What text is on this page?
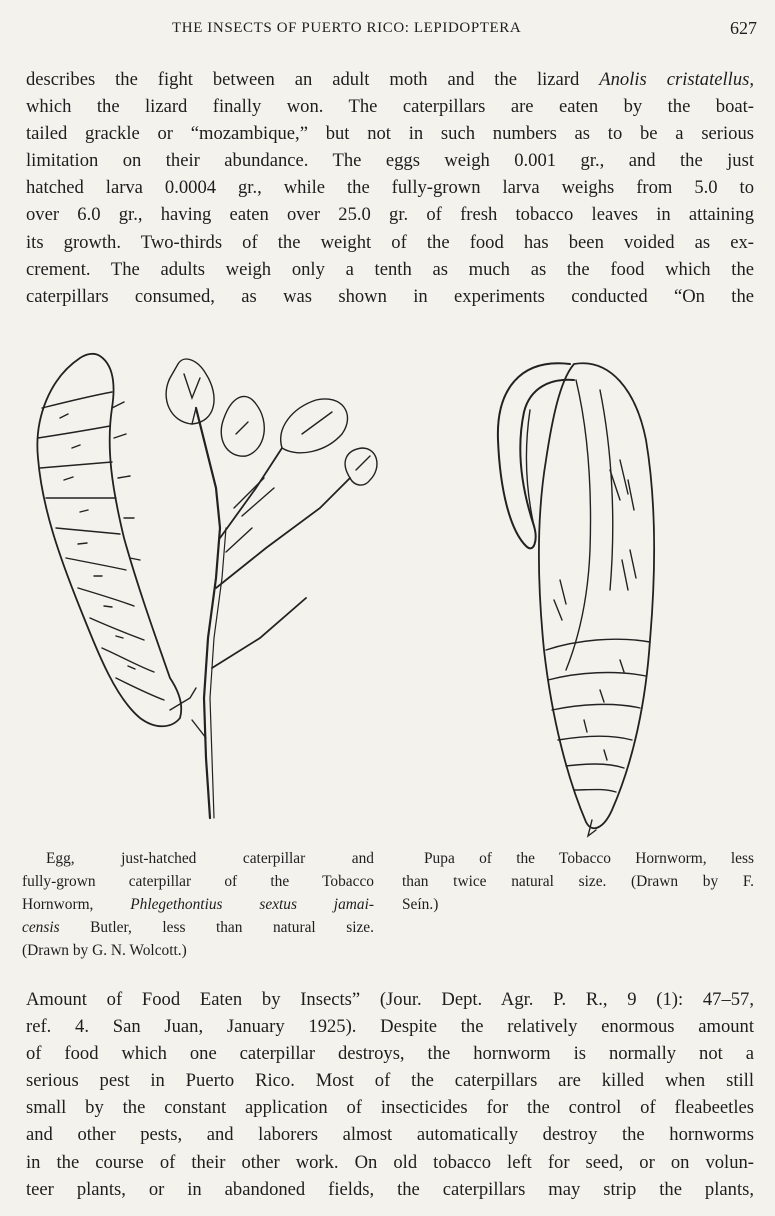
THE INSECTS OF PUERTO RICO: LEPIDOPTERA	627
describes the fight between an adult moth and the lizard Anolis cristatellus,
which the lizard finally won. The caterpillars are eaten by the boat-
tailed grackle or “mozambique,” but not in such numbers as to be a serious
limitation on their abundance. The eggs weigh 0.001 gr., and the just
hatched larva 0.0004 gr., while the fully-grown larva weighs from 5.0 to
over 6.0 gr., having eaten over 25.0 gr. of fresh tobacco leaves in attaining
its growth. Two-thirds of the weight of the food has been voided as ex-
crement. The adults weigh only a tenth as much as the food which the
caterpillars consumed, as was shown in experiments conducted “On the
Egg, just-hatched caterpillar and
fully-grown caterpillar of the Tobacco
Hornworm, Phlegethontius sextus jamai-
censis Butler, less than natural size.
(Drawn by G. N. Wolcott.)
Pupa of the Tobacco Hornworm, less
than twice natural size. (Drawn by F.
Seín.)
Amount of Food Eaten by Insects” (Jour. Dept. Agr. P. R., 9 (1): 47–57,
ref. 4. San Juan, January 1925). Despite the relatively enormous amount
of food which one caterpillar destroys, the hornworm is normally not a
serious pest in Puerto Rico. Most of the caterpillars are killed when still
small by the constant application of insecticides for the control of fleabeetles
and other pests, and laborers almost automatically destroy the hornworms
in the course of their other work. On old tobacco left for seed, or on volun-
teer plants, or in abandoned fields, the caterpillars may strip the plants,
